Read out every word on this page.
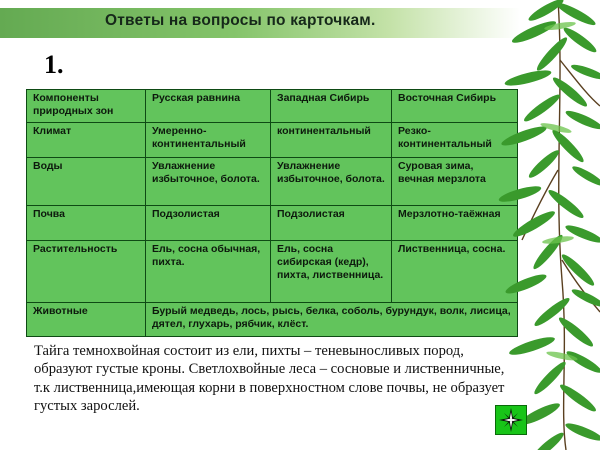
Ответы на вопросы по карточкам.
1.
Компоненты природных зон	Русская равнина	Западная Сибирь	Восточная Сибирь
Климат	Умеренно-континентальный	континентальный	Резко-континентальный
Воды	Увлажнение избыточное, болота.	Увлажнение избыточное, болота.	Суровая зима, вечная мерзлота
Почва	Подзолистая	Подзолистая	Мерзлотно-таёжная
Растительность	Ель, сосна обычная, пихта.	Ель, сосна сибирская (кедр), пихта, лиственница.	Лиственница, сосна.
Животные	Бурый медведь, лось, рысь, белка, соболь, бурундук, волк, лисица, дятел, глухарь, рябчик, клёст.		
Тайга темнохвойная состоит из ели, пихты – теневыносливых пород, образуют густые кроны. Светлохвойные леса – сосновые и лиственничные, т.к лиственница,имеющая корни в поверхностном слове почвы, не образует густых зарослей.
